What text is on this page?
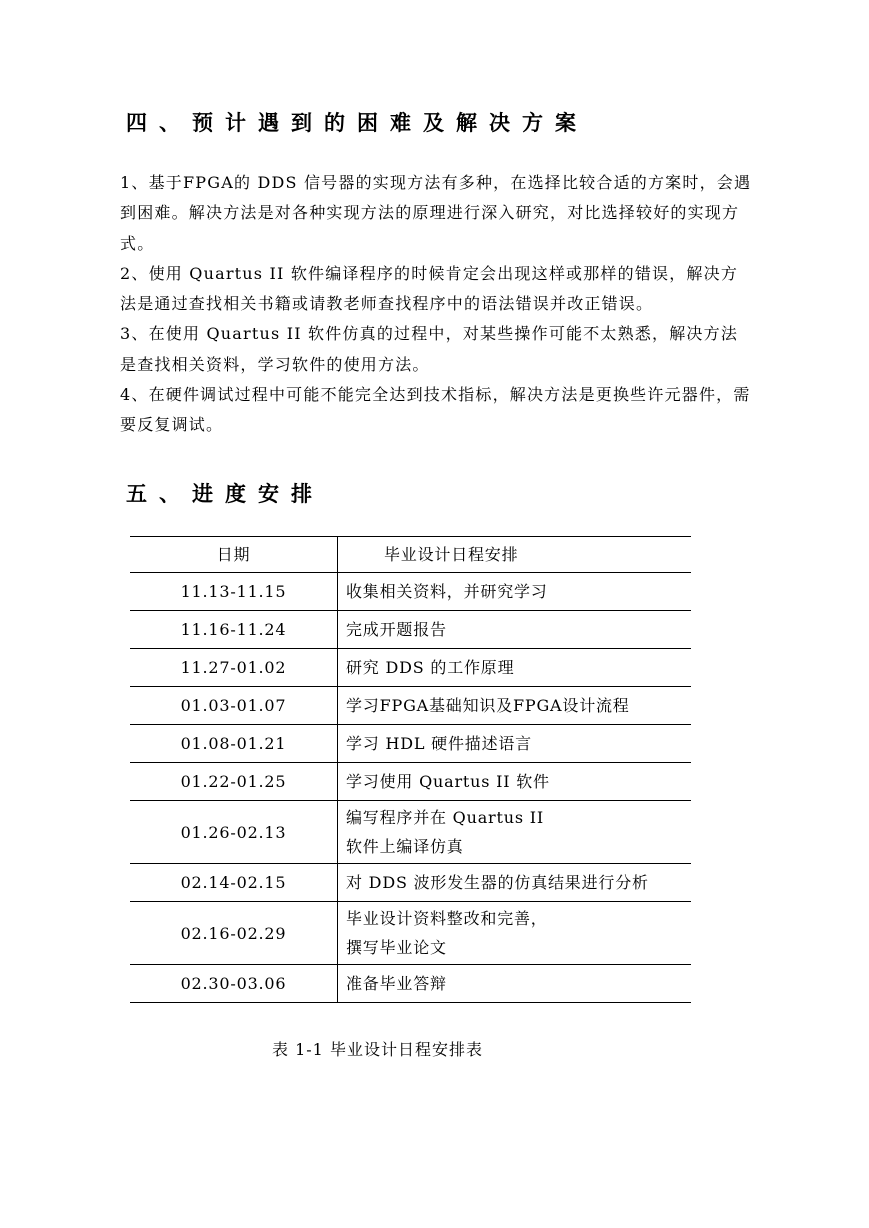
四、预计遇到的困难及解决方案

1、基于FPGA的 DDS 信号器的实现方法有多种，在选择比较合适的方案时，会遇到困难。解决方法是对各种实现方法的原理进行深入研究，对比选择较好的实现方式。

2、使用 Quartus II 软件编译程序的时候肯定会出现这样或那样的错误，解决方法是通过查找相关书籍或请教老师查找程序中的语法错误并改正错误。

3、在使用 Quartus II 软件仿真的过程中，对某些操作可能不太熟悉，解决方法是查找相关资料，学习软件的使用方法。

4、在硬件调试过程中可能不能完全达到技术指标，解决方法是更换些许元器件，需要反复调试。

五、进度安排
日期	毕业设计日程安排
11.13-11.15	收集相关资料，并研究学习

11.16-11.24	完成开题报告

11.27-01.02	研究 DDS 的工作原理

01.03-01.07	学习FPGA基础知识及FPGA设计流程

01.08-01.21	学习 HDL 硬件描述语言

01.22-01.25	学习使用 Quartus II 软件

01.26-02.13	编写程序并在 Quartus II
软件上编译仿真

02.14-02.15	对 DDS 波形发生器的仿真结果进行分析

02.16-02.29	毕业设计资料整改和完善，
撰写毕业论文

02.30-03.06	准备毕业答辩
表 1-1 毕业设计日程安排表
